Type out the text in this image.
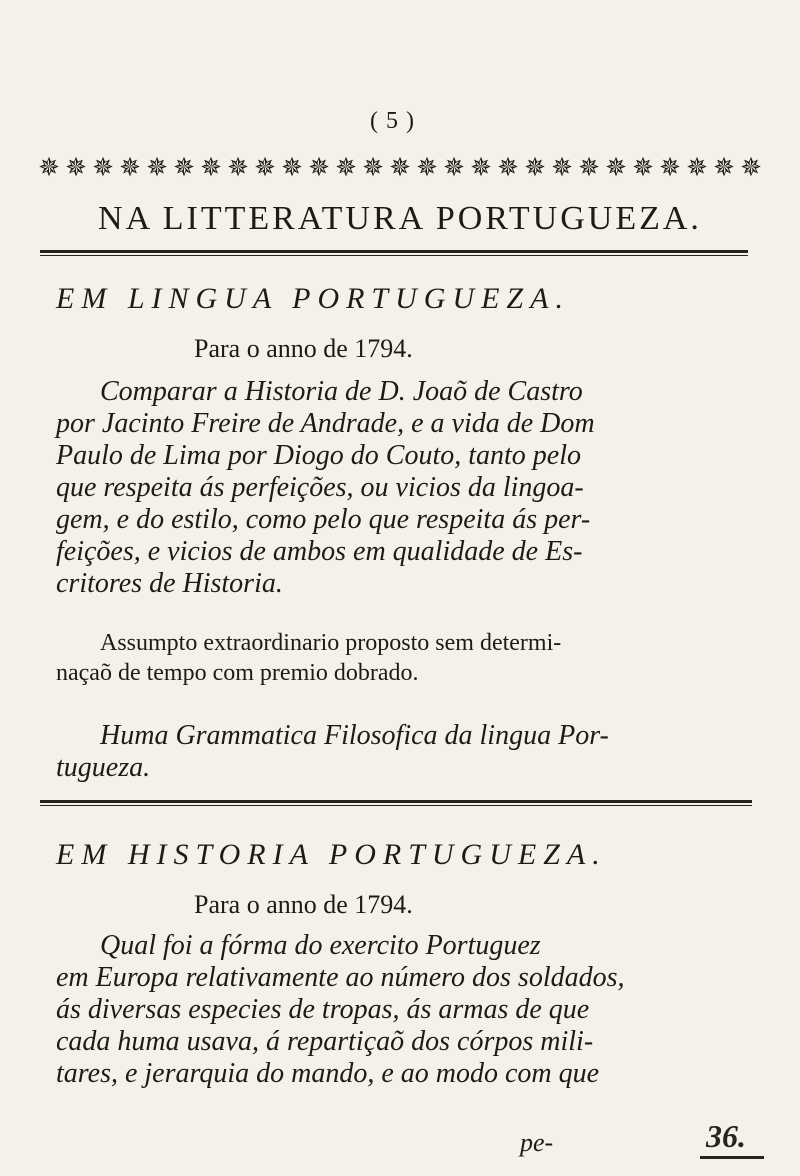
( 5 )
✵ ✵ ✵ ✵ ✵ ✵ ✵ ✵ ✵ ✵ ✵ ✵ ✵ ✵ ✵ ✵ ✵ ✵ ✵ ✵ ✵ ✵ ✵ ✵ ✵ ✵ ✵
NA LITTERATURA PORTUGUEZA.
EM LINGUA PORTUGUEZA.
Para o anno de 1794.
Comparar a Historia de D. Joaõ de Castro
por Jacinto Freire de Andrade, e a vida de Dom
Paulo de Lima por Diogo do Couto, tanto pelo
que respeita ás perfeições, ou vicios da lingoa-
gem, e do estilo, como pelo que respeita ás per-
feições, e vicios de ambos em qualidade de Es-
critores de Historia.
Assumpto extraordinario proposto sem determi-
naçaõ de tempo com premio dobrado.
Huma Grammatica Filosofica da lingua Por-
tugueza.
EM HISTORIA PORTUGUEZA.
Para o anno de 1794.
Qual foi a fórma do exercito Portuguez
em Europa relativamente ao número dos soldados,
ás diversas especies de tropas, ás armas de que
cada huma usava, á repartiçaõ dos córpos mili-
tares, e jerarquia do mando, e ao modo com que
pe-	36.
